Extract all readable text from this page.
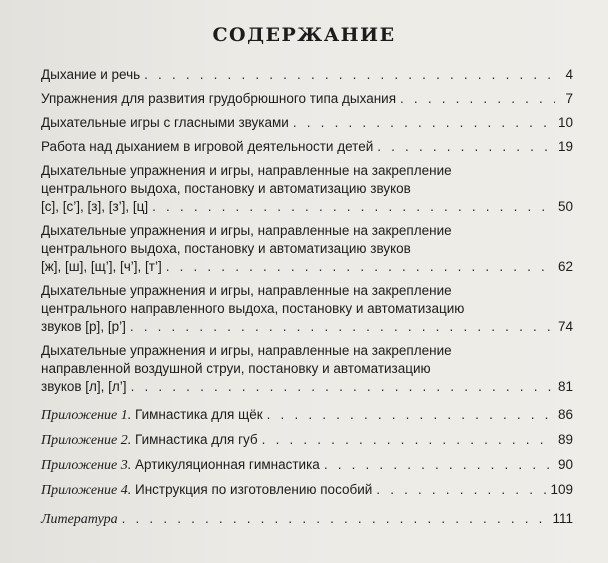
СОДЕРЖАНИЕ
Дыхание и речь . . .	4
Упражнения для развития грудобрюшного типа дыхания . . .	7
Дыхательные игры с гласными звуками . . .	10
Работа над дыханием в игровой деятельности детей . . .	19
Дыхательные упражнения и игры, направленные на закрепление
центрального выдоха, постановку и автоматизацию звуков
[с], [с’], [з], [з’], [ц] . . .	50
Дыхательные упражнения и игры, направленные на закрепление
центрального выдоха, постановку и автоматизацию звуков
[ж], [ш], [щ’], [ч’], [т’] . . .	62
Дыхательные упражнения и игры, направленные на закрепление
центрального направленного выдоха, постановку и автоматизацию
звуков [р], [р’] . . .	74
Дыхательные упражнения и игры, направленные на закрепление
направленной воздушной струи, постановку и автоматизацию
звуков [л], [л’] . . .	81
Приложение 1. Гимнастика для щёк . . .	86
Приложение 2. Гимнастика для губ . . .	89
Приложение 3. Артикуляционная гимнастика . . .	90
Приложение 4. Инструкция по изготовлению пособий . . .	109
Литература . . .	111
